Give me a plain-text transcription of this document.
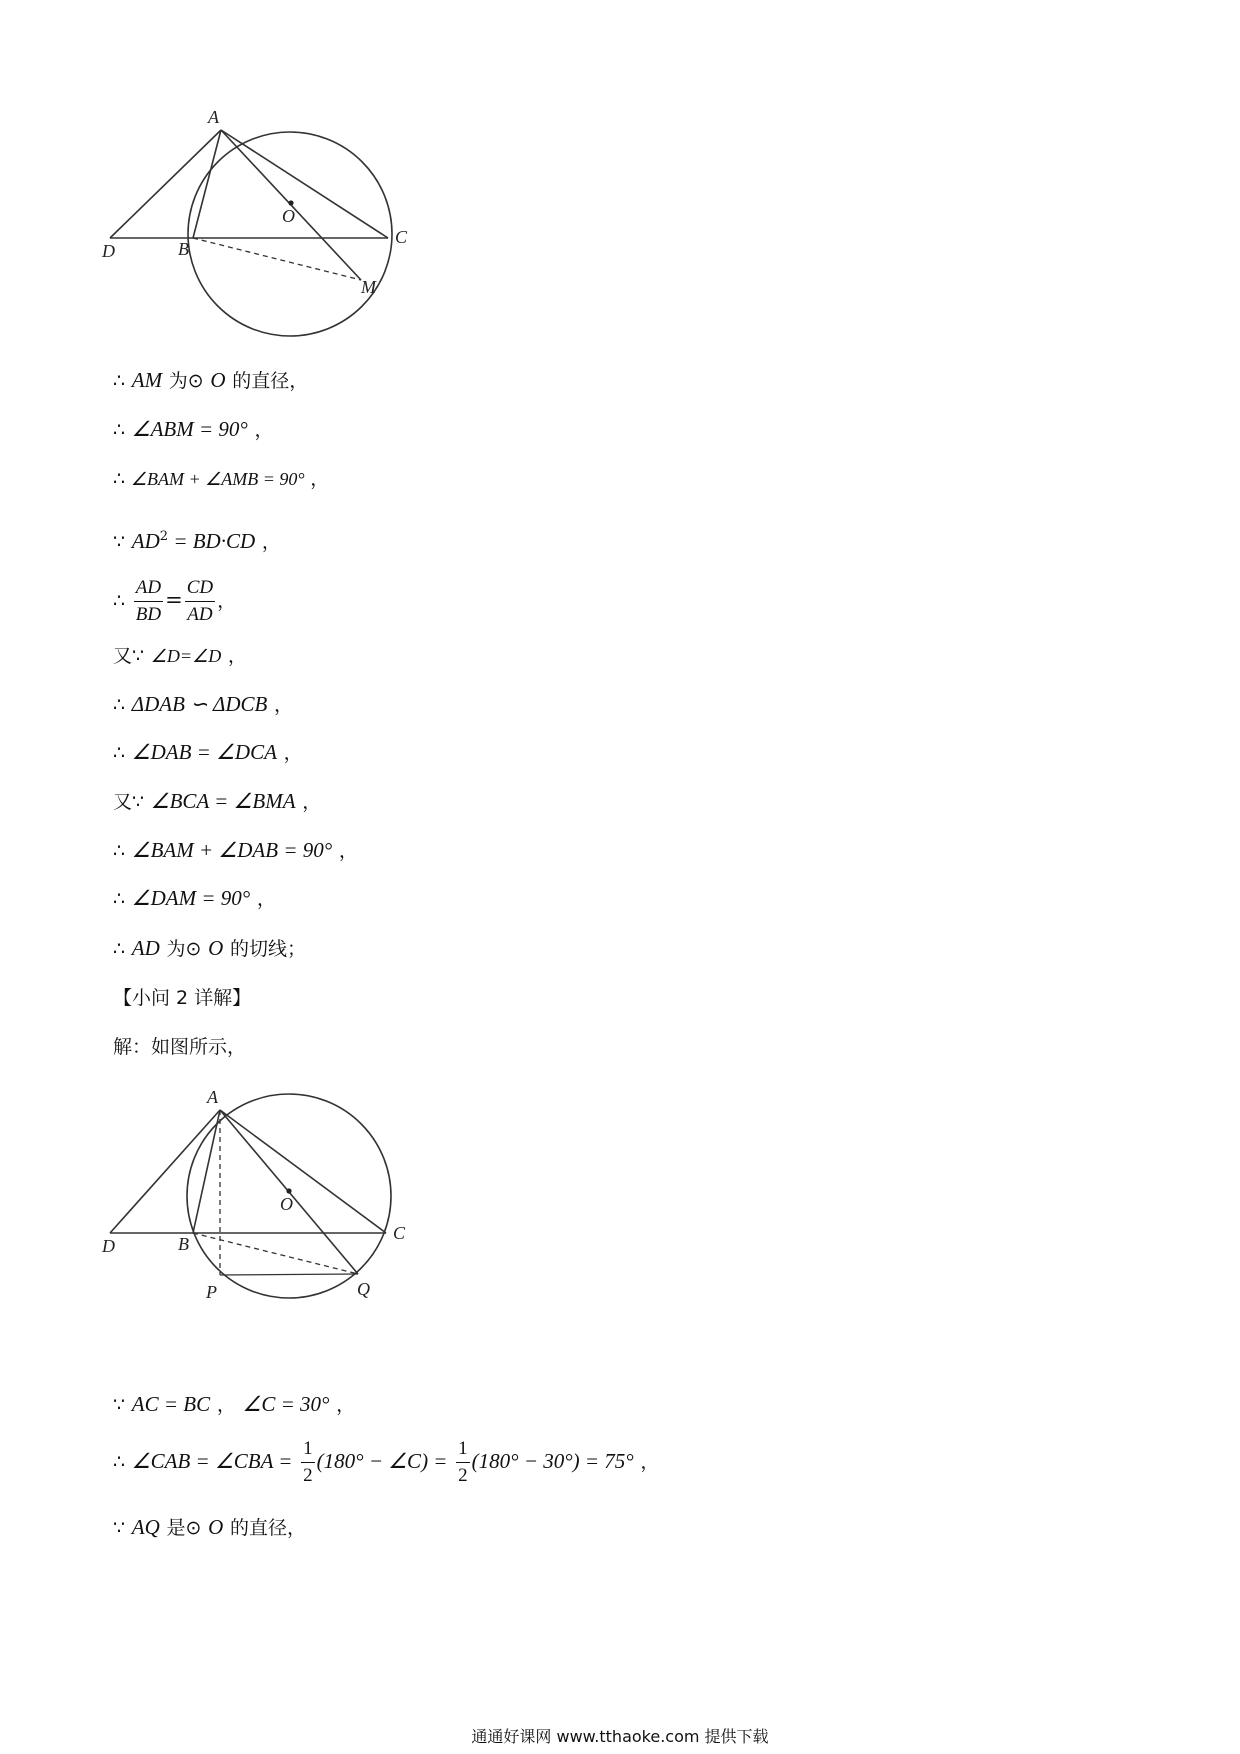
A
O
C
D	B
M
∴ AM 为⊙ O 的直径，
∴ ∠ABM = 90° ，
∴ ∠BAM + ∠AMB = 90° ，
∵ $AD^2 = BD\cdot CD$ ，
∴ $\frac{AD}{BD} = \frac{CD}{AD}$ ，
又∵ ∠D=∠D ，
∴ ΔDAB ∽ ΔDCB ，
∴ ∠DAB = ∠DCA ，
又∵ ∠BCA = ∠BMA ，
∴ ∠BAM + ∠DAB = 90° ，
∴ ∠DAM = 90° ，
∴ AD 为⊙ O 的切线；
【小问 2 详解】
解：如图所示，
A
O
C
D	B
P	Q
∵ AC = BC ， ∠C = 30° ，
∴ ∠CAB = ∠CBA = $\frac{1}{2} (180^\circ$ − ∠C) = $\frac{1}{2} (180^\circ - 30^\circ) = 75^\circ$ ，
∵ AQ 是⊙ O 的直径，
通通好课网 www.tthaoke.com 提供下载
